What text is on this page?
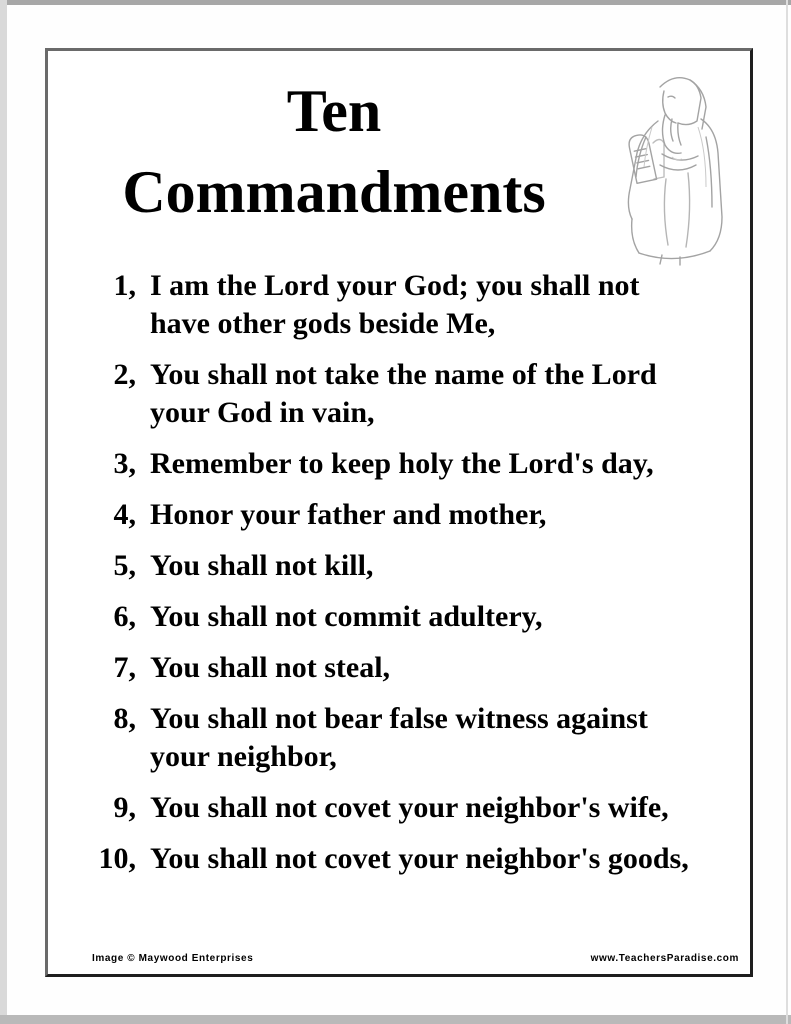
Ten
Commandments
1, I am the Lord your God; you shall not
have other gods beside Me,
2, You shall not take the name of the Lord
your God in vain,
3, Remember to keep holy the Lord's day,
4, Honor your father and mother,
5, You shall not kill,
6, You shall not commit adultery,
7, You shall not steal,
8, You shall not bear false witness against
your neighbor,
9, You shall not covet your neighbor's wife,
10, You shall not covet your neighbor's goods,
Image © Maywood Enterprises	www.TeachersParadise.com
